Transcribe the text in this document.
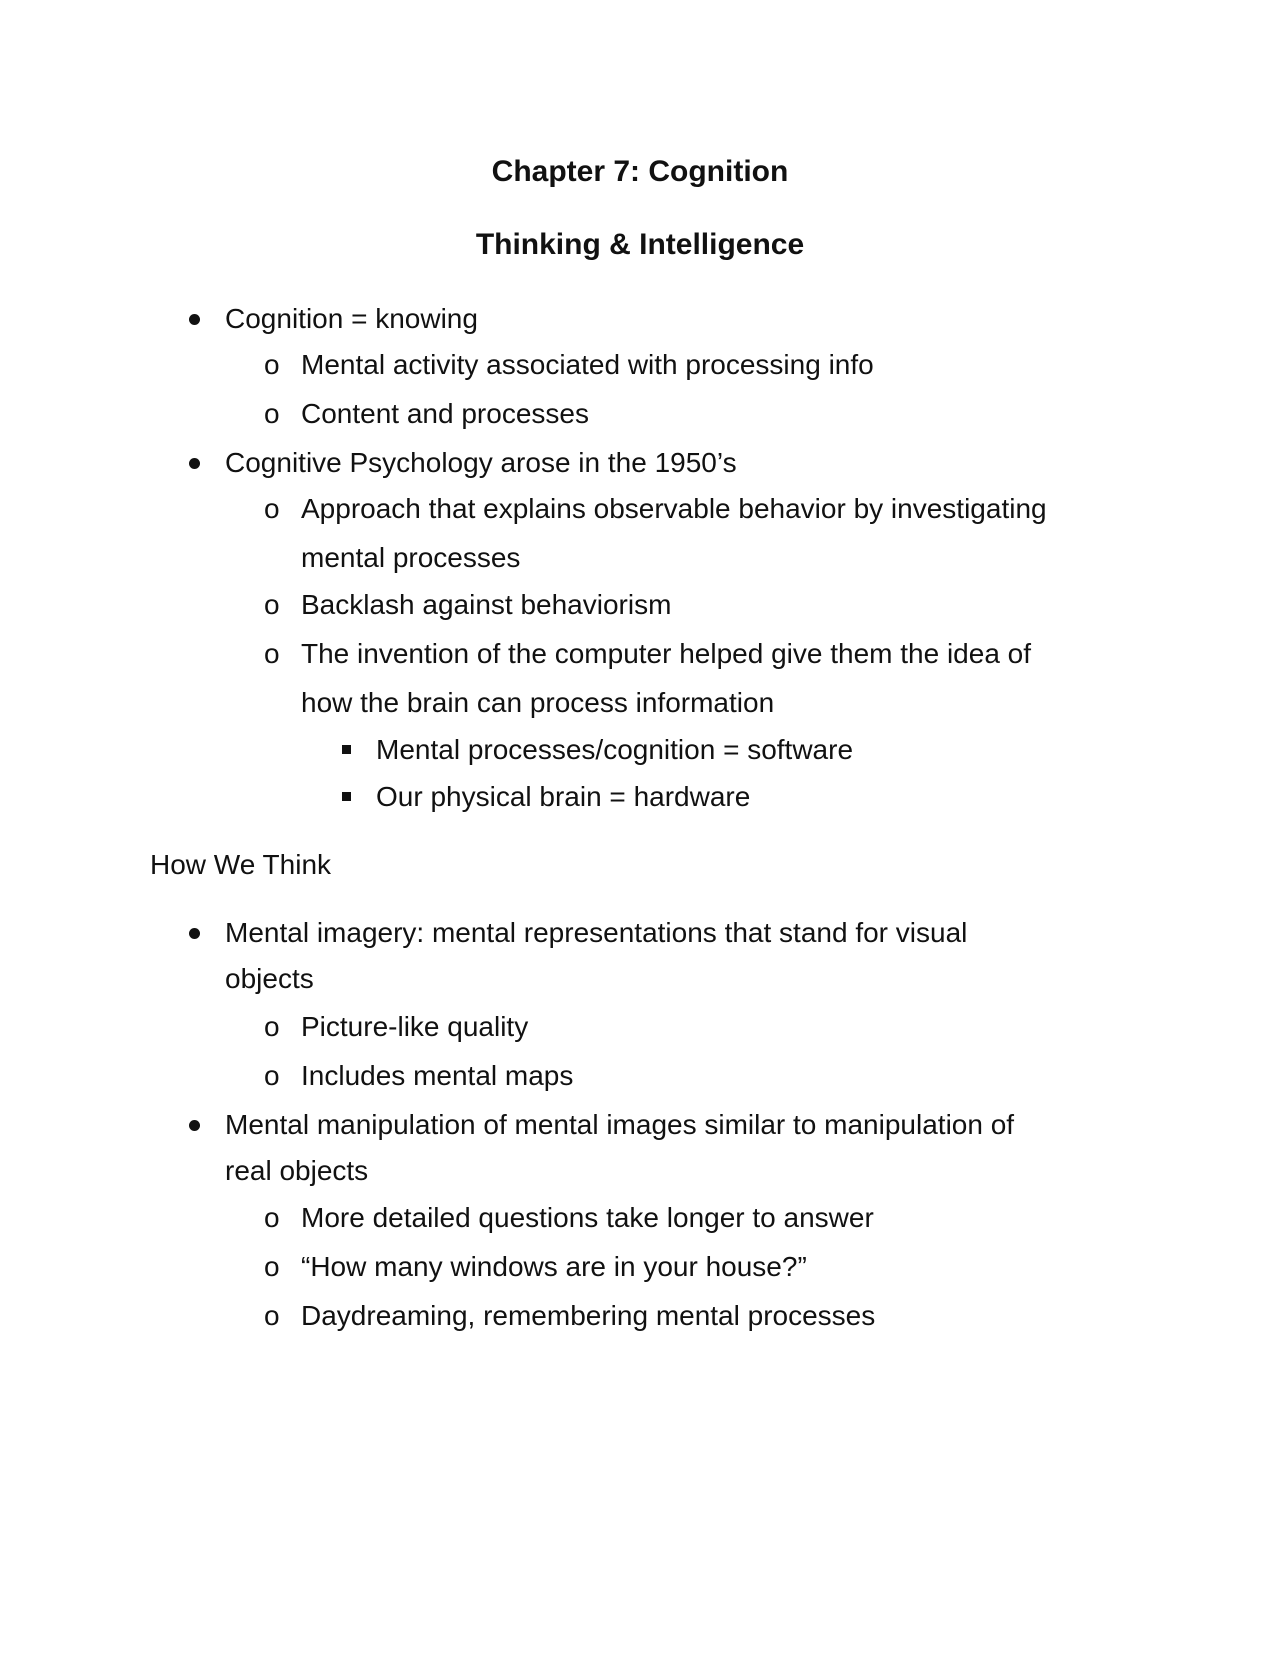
Chapter 7: Cognition
Thinking & Intelligence
Cognition = knowing
o Mental activity associated with processing info
o Content and processes
Cognitive Psychology arose in the 1950’s
o Approach that explains observable behavior by investigating
mental processes
o Backlash against behaviorism
o The invention of the computer helped give them the idea of
how the brain can process information
Mental processes/cognition = software
Our physical brain = hardware
How We Think
Mental imagery: mental representations that stand for visual
objects
o Picture-like quality
o Includes mental maps
Mental manipulation of mental images similar to manipulation of
real objects
o More detailed questions take longer to answer
o “How many windows are in your house?”
o Daydreaming, remembering mental processes
